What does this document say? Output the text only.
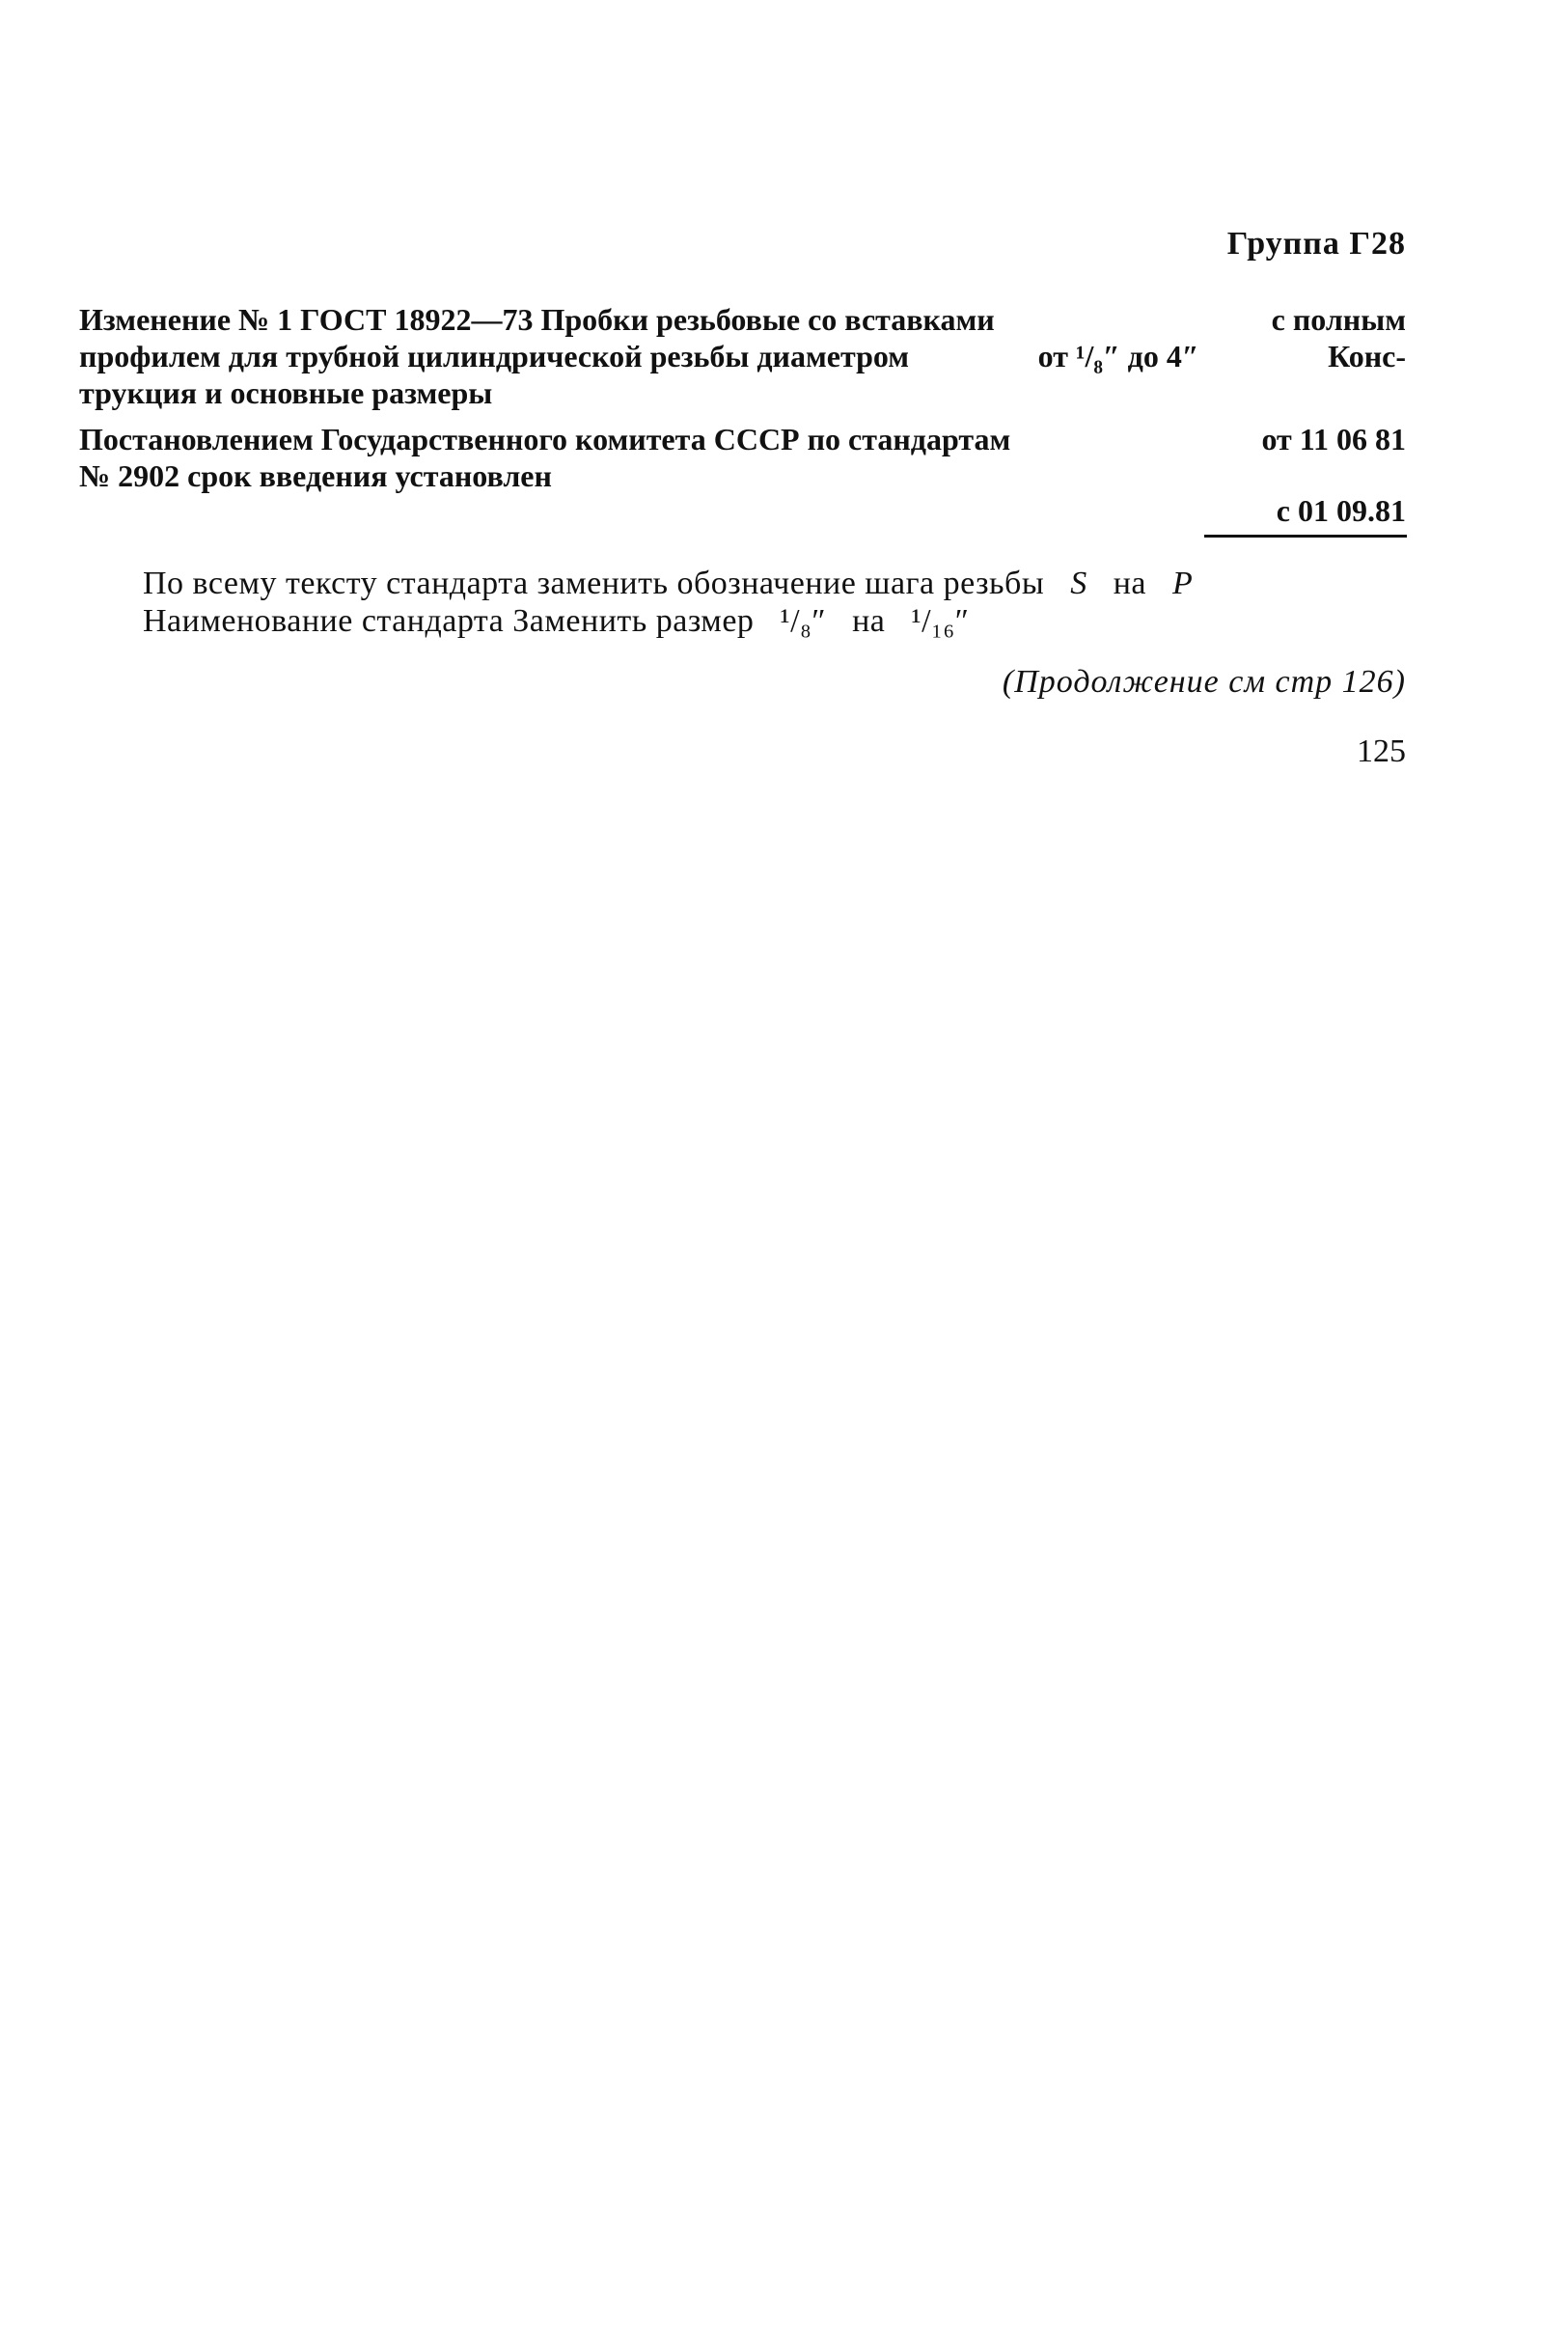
Группа Г28
Изменение № 1 ГОСТ 18922—73 Пробки резьбовые со вставками	с полным
профилем для трубной цилиндрической резьбы диаметром	от ¹/₈″ до 4″	Конс-
трукция и основные размеры
Постановлением Государственного комитета СССР по стандартам	от 11 06 81
№ 2902 срок введения установлен
с 01 09.81
По всему тексту стандарта заменить обозначение шага резьбы S на P
Наименование стандарта Заменить размер ¹/₈″ на ¹/₁₆″
(Продолжение см стр 126)
125
